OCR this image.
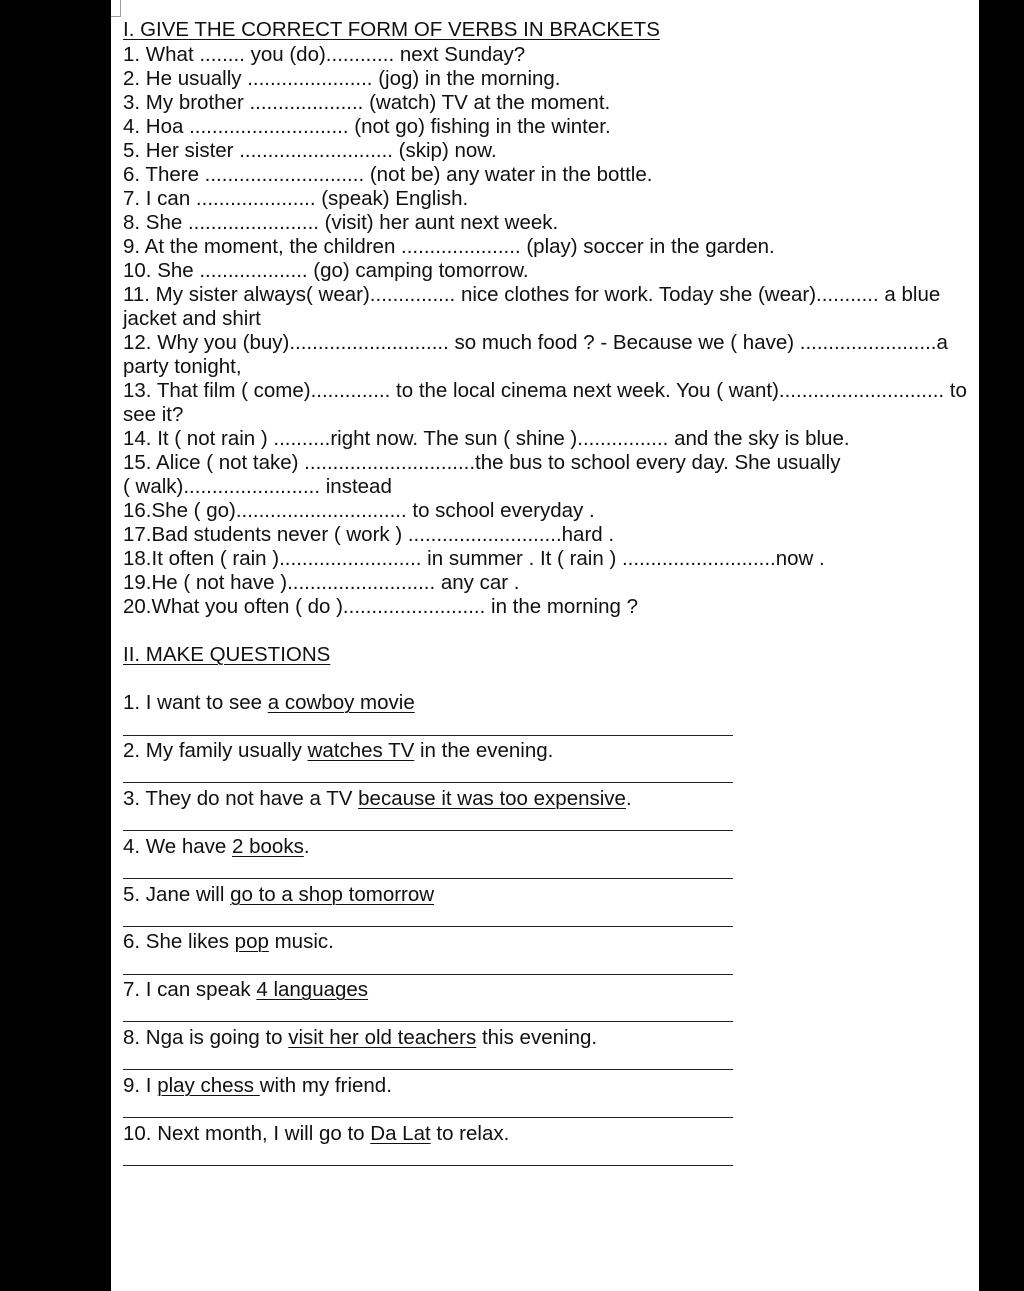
I. GIVE THE CORRECT FORM OF VERBS IN BRACKETS

1. What ........ you (do)............ next Sunday?

2. He usually ...................... (jog) in the morning.

3. My brother .................... (watch) TV at the moment.

4. Hoa ............................ (not go) fishing in the winter.

5. Her sister ........................... (skip) now.

6. There ............................ (not be) any water in the bottle.

7. I can ..................... (speak) English.

8. She ....................... (visit) her aunt next week.

9. At the moment, the children ..................... (play) soccer in the garden.

10. She ................... (go) camping tomorrow.

11. My sister always( wear)............... nice clothes for work. Today she (wear)........... a blue

jacket and shirt

12. Why you (buy)............................ so much food ? - Because we ( have) ........................a

party tonight,

13. That film ( come).............. to the local cinema next week. You ( want)............................. to

see it?

14. It ( not rain ) ..........right now. The sun ( shine )................ and the sky is blue.

15. Alice ( not take) ..............................the bus to school every day. She usually

( walk)........................ instead

16.She ( go).............................. to school everyday .

17.Bad students never ( work ) ...........................hard .

18.It often ( rain )......................... in summer . It ( rain ) ...........................now .

19.He ( not have ).......................... any car .

20.What you often ( do )......................... in the morning ?

II. MAKE QUESTIONS

1. I want to see a cowboy movie

2. My family usually watches TV in the evening.

3. They do not have a TV because it was too expensive.

4. We have 2 books.

5. Jane will go to a shop tomorrow

6. She likes pop music.

7. I can speak 4 languages

8. Nga is going to visit her old teachers this evening.

9. I play chess with my friend.

10. Next month, I will go to Da Lat to relax.
